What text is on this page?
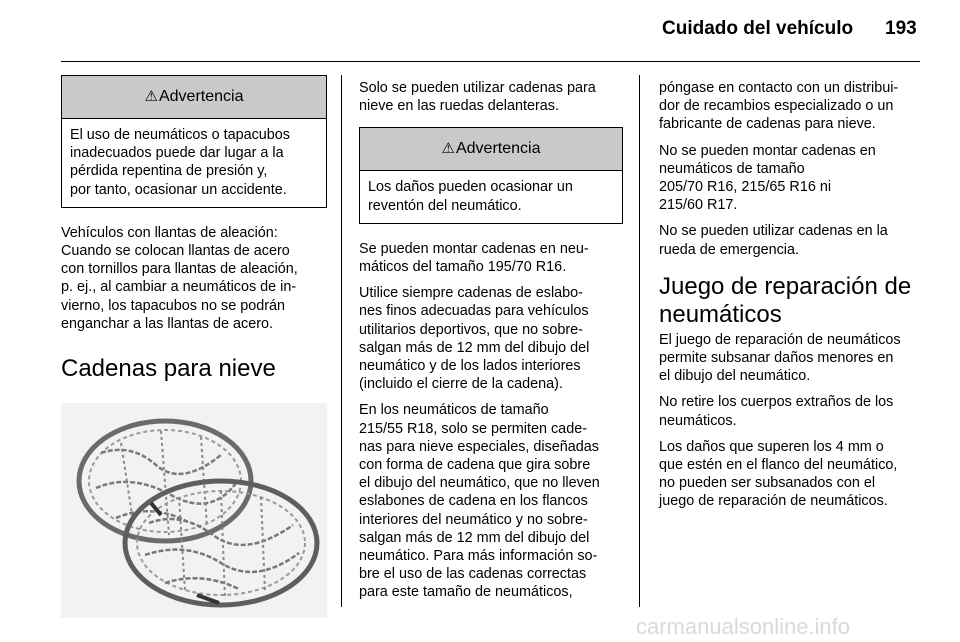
Cuidado del vehículo 193
⚠ Advertencia

El uso de neumáticos o tapacubos
inadecuados puede dar lugar a la
pérdida repentina de presión y,
por tanto, ocasionar un accidente.

Vehículos con llantas de aleación:
Cuando se colocan llantas de acero
con tornillos para llantas de aleación,
p. ej., al cambiar a neumáticos de in-
vierno, los tapacubos no se podrán
enganchar a las llantas de acero.

Cadenas para nieve

Solo se pueden utilizar cadenas para
nieve en las ruedas delanteras.

⚠ Advertencia

Los daños pueden ocasionar un
reventón del neumático.

Se pueden montar cadenas en neu-
máticos del tamaño 195/70 R16.

Utilice siempre cadenas de eslabo-
nes finos adecuadas para vehículos
utilitarios deportivos, que no sobre-
salgan más de 12 mm del dibujo del
neumático y de los lados interiores
(incluido el cierre de la cadena).

En los neumáticos de tamaño
215/55 R18, solo se permiten cade-
nas para nieve especiales, diseñadas
con forma de cadena que gira sobre
el dibujo del neumático, que no lleven
eslabones de cadena en los flancos
interiores del neumático y no sobre-
salgan más de 12 mm del dibujo del
neumático. Para más información so-
bre el uso de las cadenas correctas
para este tamaño de neumáticos,

póngase en contacto con un distribui-
dor de recambios especializado o un
fabricante de cadenas para nieve.

No se pueden montar cadenas en
neumáticos de tamaño
205/70 R16, 215/65 R16 ni
215/60 R17.

No se pueden utilizar cadenas en la
rueda de emergencia.

Juego de reparación de
neumáticos

El juego de reparación de neumáticos
permite subsanar daños menores en
el dibujo del neumático.

No retire los cuerpos extraños de los
neumáticos.

Los daños que superen los 4 mm o
que estén en el flanco del neumático,
no pueden ser subsanados con el
juego de reparación de neumáticos.

carmanualsonline.info
